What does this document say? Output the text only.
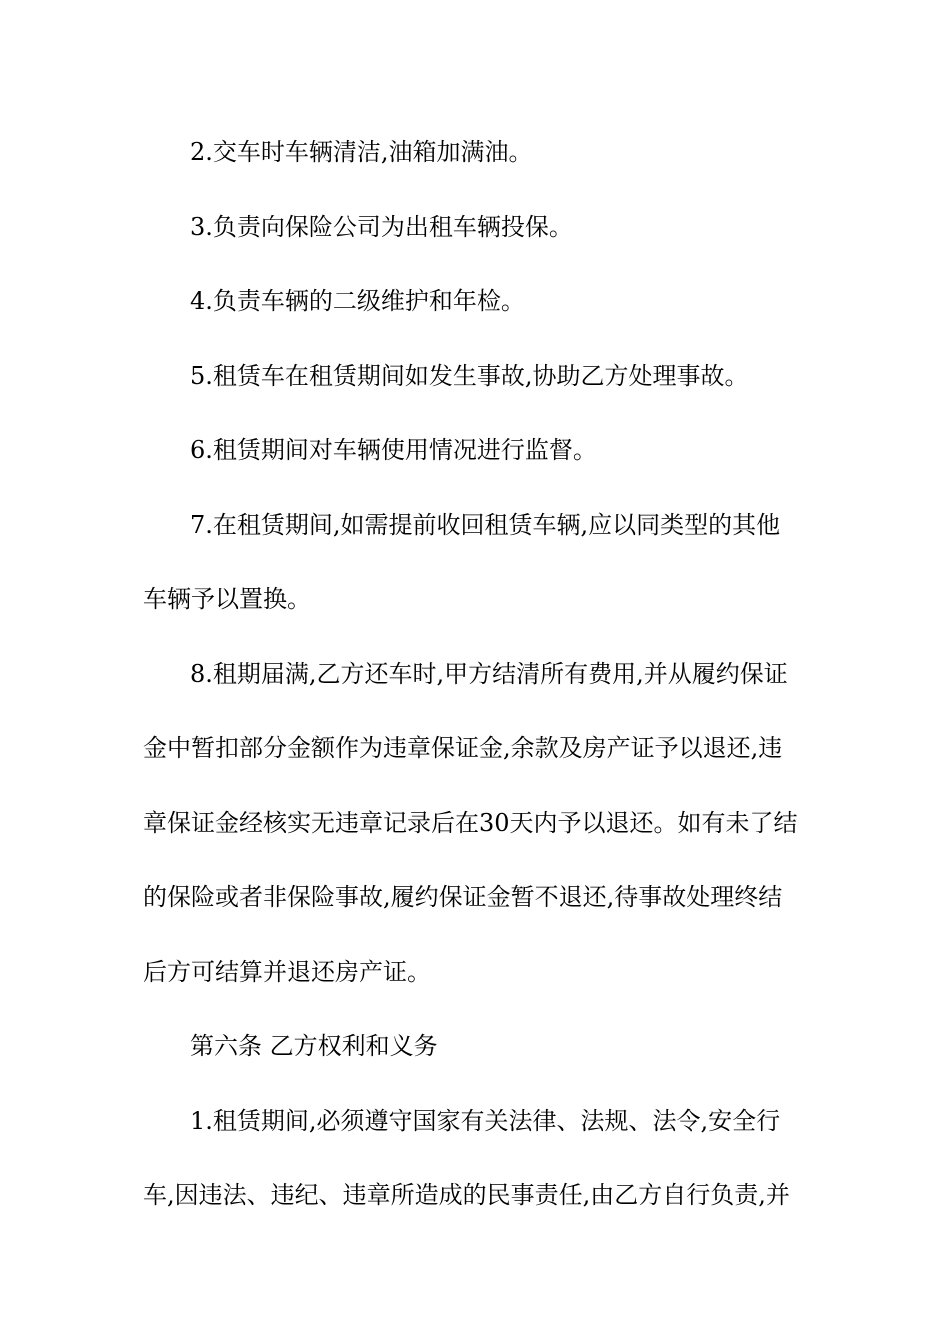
2.交车时车辆清洁,油箱加满油。
3.负责向保险公司为出租车辆投保。
4.负责车辆的二级维护和年检。
5.租赁车在租赁期间如发生事故,协助乙方处理事故。
6.租赁期间对车辆使用情况进行监督。
7.在租赁期间,如需提前收回租赁车辆,应以同类型的其他
车辆予以置换。
8.租期届满,乙方还车时,甲方结清所有费用,并从履约保证
金中暂扣部分金额作为违章保证金,余款及房产证予以退还,违
章保证金经核实无违章记录后在30天内予以退还。如有未了结
的保险或者非保险事故,履约保证金暂不退还,待事故处理终结
后方可结算并退还房产证。
第六条 乙方权利和义务
1.租赁期间,必须遵守国家有关法律、法规、法令,安全行
车,因违法、违纪、违章所造成的民事责任,由乙方自行负责,并
